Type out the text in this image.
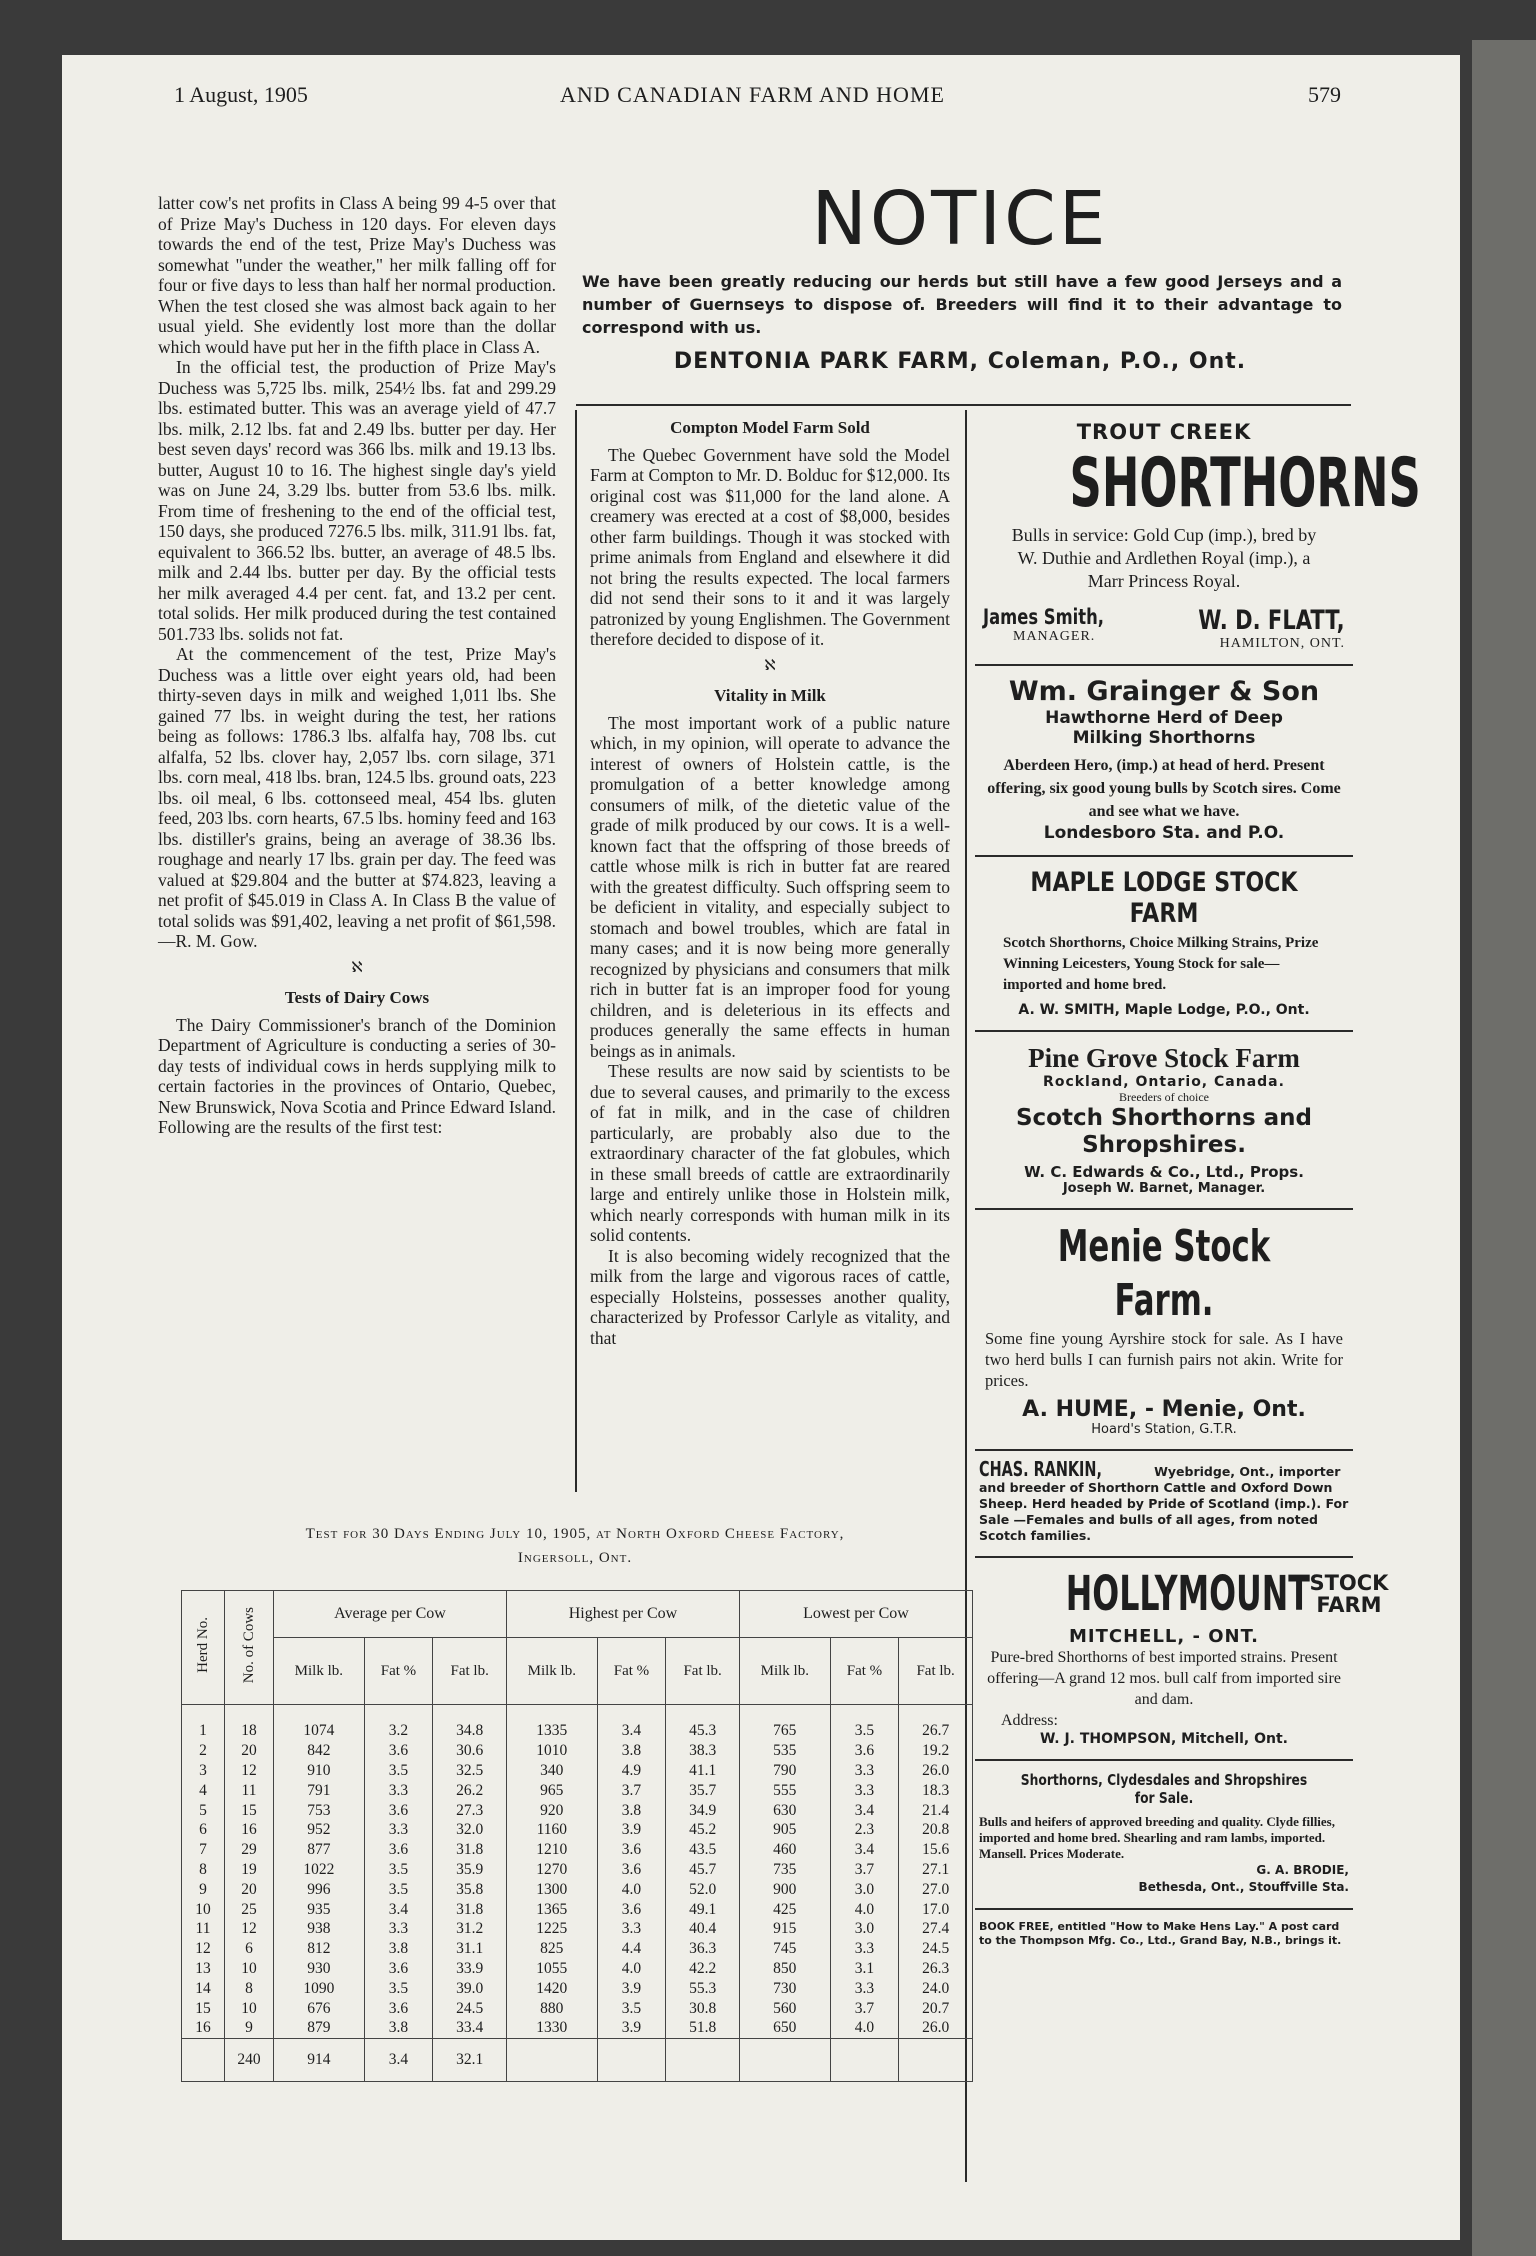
1 August, 1905	AND CANADIAN FARM AND HOME	579

latter cow's net profits in Class A being 99 4-5 over that of Prize May's Duchess in 120 days. For eleven days towards the end of the test, Prize May's Duchess was somewhat "under the weather," her milk falling off for four or five days to less than half her normal production. When the test closed she was almost back again to her usual yield. She evidently lost more than the dollar which would have put her in the fifth place in Class A.

In the official test, the production of Prize May's Duchess was 5,725 lbs. milk, 254½ lbs. fat and 299.29 lbs. estimated butter. This was an average yield of 47.7 lbs. milk, 2.12 lbs. fat and 2.49 lbs. butter per day. Her best seven days' record was 366 lbs. milk and 19.13 lbs. butter, August 10 to 16. The highest single day's yield was on June 24, 3.29 lbs. butter from 53.6 lbs. milk. From time of freshening to the end of the official test, 150 days, she produced 7276.5 lbs. milk, 311.91 lbs. fat, equivalent to 366.52 lbs. butter, an average of 48.5 lbs. milk and 2.44 lbs. butter per day. By the official tests her milk averaged 4.4 per cent. fat, and 13.2 per cent. total solids. Her milk produced during the test contained 501.733 lbs. solids not fat.

At the commencement of the test, Prize May's Duchess was a little over eight years old, had been thirty-seven days in milk and weighed 1,011 lbs. She gained 77 lbs. in weight during the test, her rations being as follows: 1786.3 lbs. alfalfa hay, 708 lbs. cut alfalfa, 52 lbs. clover hay, 2,057 lbs. corn silage, 371 lbs. corn meal, 418 lbs. bran, 124.5 lbs. ground oats, 223 lbs. oil meal, 6 lbs. cottonseed meal, 454 lbs. gluten feed, 203 lbs. corn hearts, 67.5 lbs. hominy feed and 163 lbs. distiller's grains, being an average of 38.36 lbs. roughage and nearly 17 lbs. grain per day. The feed was valued at $29.804 and the butter at $74.823, leaving a net profit of $45.019 in Class A. In Class B the value of total solids was $91,402, leaving a net profit of $61,598.—R. M. Gow.

ℵ
Tests of Dairy Cows

The Dairy Commissioner's branch of the Dominion Department of Agriculture is conducting a series of 30-day tests of individual cows in herds supplying milk to certain factories in the provinces of Ontario, Quebec, New Brunswick, Nova Scotia and Prince Edward Island. Following are the results of the first test:

NOTICE
We have been greatly reducing our herds but still have a few good Jerseys and a number of Guernseys to dispose of. Breeders will find it to their advantage to correspond with us.
DENTONIA PARK FARM, Coleman, P.O., Ont.
Compton Model Farm Sold

The Quebec Government have sold the Model Farm at Compton to Mr. D. Bolduc for $12,000. Its original cost was $11,000 for the land alone. A creamery was erected at a cost of $8,000, besides other farm buildings. Though it was stocked with prime animals from England and elsewhere it did not bring the results expected. The local farmers did not send their sons to it and it was largely patronized by young Englishmen. The Government therefore decided to dispose of it.

ℵ
Vitality in Milk

The most important work of a public nature which, in my opinion, will operate to advance the interest of owners of Holstein cattle, is the promulgation of a better knowledge among consumers of milk, of the dietetic value of the grade of milk produced by our cows. It is a well-known fact that the offspring of those breeds of cattle whose milk is rich in butter fat are reared with the greatest difficulty. Such offspring seem to be deficient in vitality, and especially subject to stomach and bowel troubles, which are fatal in many cases; and it is now being more generally recognized by physicians and consumers that milk rich in butter fat is an improper food for young children, and is deleterious in its effects and produces generally the same effects in human beings as in animals.

These results are now said by scientists to be due to several causes, and primarily to the excess of fat in milk, and in the case of children particularly, are probably also due to the extraordinary character of the fat globules, which in these small breeds of cattle are extraordinarily large and entirely unlike those in Holstein milk, which nearly corresponds with human milk in its solid contents.

It is also becoming widely recognized that the milk from the large and vigorous races of cattle, especially Holsteins, possesses another quality, characterized by Professor Carlyle as vitality, and that

TROUT CREEK
SHORTHORNS
Bulls in service: Gold Cup (imp.), bred by W. Duthie and Ardlethen Royal (imp.), a Marr Princess Royal.
James Smith,
MANAGER.
W. D. FLATT,
HAMILTON, ONT.
Wm. Grainger & Son
Hawthorne Herd of Deep Milking Shorthorns
Aberdeen Hero, (imp.) at head of herd. Present offering, six good young bulls by Scotch sires. Come and see what we have.
Londesboro Sta. and P.O.
MAPLE LODGE STOCK FARM
Scotch Shorthorns, Choice Milking Strains, Prize Winning Leicesters, Young Stock for sale—imported and home bred.
A. W. SMITH, Maple Lodge, P.O., Ont.
Pine Grove Stock Farm
Rockland, Ontario, Canada.
Breeders of choice
Scotch Shorthorns and Shropshires.
W. C. Edwards & Co., Ltd., Props.
Joseph W. Barnet, Manager.
Menie Stock Farm.
Some fine young Ayrshire stock for sale. As I have two herd bulls I can furnish pairs not akin. Write for prices.
A. HUME, - Menie, Ont.
Hoard's Station, G.T.R.
CHAS. RANKIN,	Wyebridge, Ont., importer and breeder of Shorthorn Cattle and Oxford Down Sheep. Herd headed by Pride of Scotland (imp.). For Sale —Females and bulls of all ages, from noted Scotch families.
HOLLYMOUNT STOCK
FARM
MITCHELL, - ONT.
Pure-bred Shorthorns of best imported strains. Present offering—A grand 12 mos. bull calf from imported sire and dam.
Address:
W. J. THOMPSON, Mitchell, Ont.
Shorthorns, Clydesdales and Shropshires for Sale.
Bulls and heifers of approved breeding and quality. Clyde fillies, imported and home bred. Shearling and ram lambs, imported. Mansell. Prices Moderate.
G. A. BRODIE,
Bethesda, Ont., Stouffville Sta.
BOOK FREE, entitled "How to Make Hens Lay." A post card to the Thompson Mfg. Co., Ltd., Grand Bay, N.B., brings it.
Test for 30 Days Ending July 10, 1905, at North Oxford Cheese Factory,
Ingersoll, Ont.
Herd No.	No. of Cows	Average per Cow			Highest per Cow			Lowest per Cow		
		Milk lb.	Fat %	Fat lb.	Milk lb.	Fat %	Fat lb.	Milk lb.	Fat %	Fat lb.
1	18	1074	3.2	34.8	1335	3.4	45.3	765	3.5	26.7
2	20	842	3.6	30.6	1010	3.8	38.3	535	3.6	19.2
3	12	910	3.5	32.5	340	4.9	41.1	790	3.3	26.0
4	11	791	3.3	26.2	965	3.7	35.7	555	3.3	18.3
5	15	753	3.6	27.3	920	3.8	34.9	630	3.4	21.4
6	16	952	3.3	32.0	1160	3.9	45.2	905	2.3	20.8
7	29	877	3.6	31.8	1210	3.6	43.5	460	3.4	15.6
8	19	1022	3.5	35.9	1270	3.6	45.7	735	3.7	27.1
9	20	996	3.5	35.8	1300	4.0	52.0	900	3.0	27.0
10	25	935	3.4	31.8	1365	3.6	49.1	425	4.0	17.0
11	12	938	3.3	31.2	1225	3.3	40.4	915	3.0	27.4
12	6	812	3.8	31.1	825	4.4	36.3	745	3.3	24.5
13	10	930	3.6	33.9	1055	4.0	42.2	850	3.1	26.3
14	8	1090	3.5	39.0	1420	3.9	55.3	730	3.3	24.0
15	10	676	3.6	24.5	880	3.5	30.8	560	3.7	20.7
16	9	879	3.8	33.4	1330	3.9	51.8	650	4.0	26.0
	240	914	3.4	32.1						
